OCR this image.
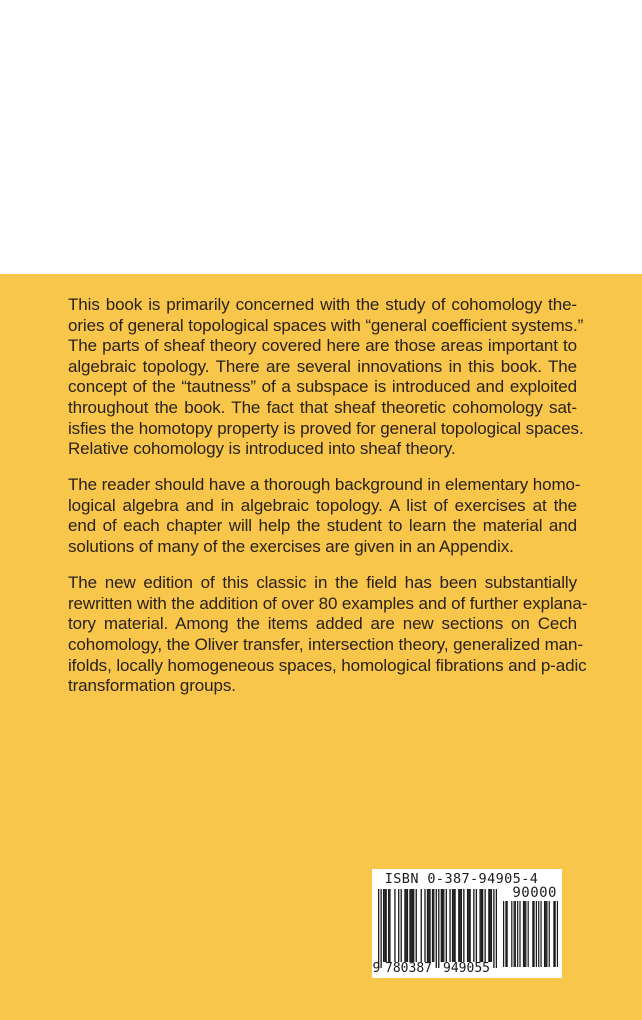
This book is primarily concerned with the study of cohomology the-
ories of general topological spaces with “general coefficient systems.”
The parts of sheaf theory covered here are those areas important to
algebraic topology. There are several innovations in this book. The
concept of the “tautness” of a subspace is introduced and exploited
throughout the book. The fact that sheaf theoretic cohomology sat-
isfies the homotopy property is proved for general topological spaces.
Relative cohomology is introduced into sheaf theory.
The reader should have a thorough background in elementary homo-
logical algebra and in algebraic topology. A list of exercises at the
end of each chapter will help the student to learn the material and
solutions of many of the exercises are given in an Appendix.
The new edition of this classic in the field has been substantially
rewritten with the addition of over 80 examples and of further explana-
tory material. Among the items added are new sections on Cech
cohomology, the Oliver transfer, intersection theory, generalized man-
ifolds, locally homogeneous spaces, homological fibrations and p-adic
transformation groups.
ISBN 0-387-94905-4
90000
9 780387 949055
